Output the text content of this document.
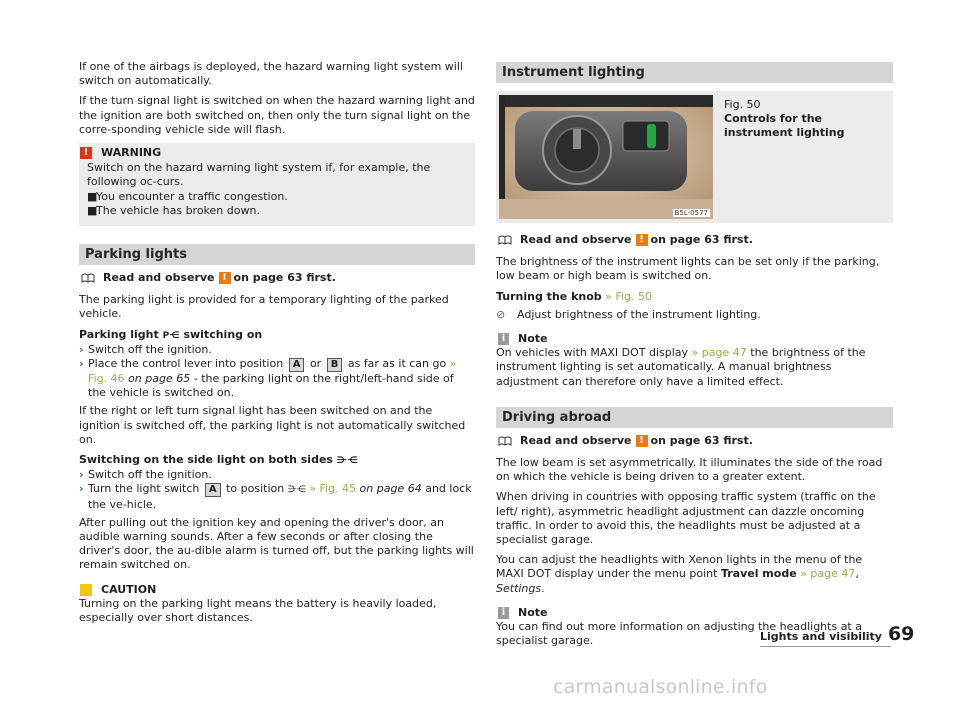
If one of the airbags is deployed, the hazard warning light system will switch on automatically.

If the turn signal light is switched on when the hazard warning light and the ignition are both switched on, then only the turn signal light on the corre-sponding vehicle side will flash.

!	WARNING
Switch on the hazard warning light system if, for example, the following oc-curs.
■
You encounter a traffic congestion.
■
The vehicle has broken down.
Parking lights
Read and observe ! on page 63 first.

The parking light is provided for a temporary lighting of the parked vehicle.

Parking light P⋲ switching on
› Switch off the ignition.
› Place the control lever into position A or B as far as it can go » Fig. 46 on page 65 - the parking light on the right/left-hand side of the vehicle is switched on.

If the right or left turn signal light has been switched on and the ignition is switched off, the parking light is not automatically switched on.

Switching on the side light on both sides ⋺⋲
› Switch off the ignition.
› Turn the light switch A to position ⋺⋲ » Fig. 45 on page 64 and lock the ve-hicle.

After pulling out the ignition key and opening the driver's door, an audible warning sounds. After a few seconds or after closing the driver's door, the au-dible alarm is turned off, but the parking lights will remain switched on.

CAUTION

Turning on the parking light means the battery is heavily loaded, especially over short distances.

Instrument lighting
B5L-0577
Fig. 50
Controls for the instrument lighting
Read and observe ! on page 63 first.

The brightness of the instrument lights can be set only if the parking, low beam or high beam is switched on.

Turning the knob » Fig. 50
⊘	Adjust brightness of the instrument lighting.
i	Note

On vehicles with MAXI DOT display » page 47 the brightness of the instrument lighting is set automatically. A manual brightness adjustment can therefore only have a limited effect.

Driving abroad
Read and observe ! on page 63 first.

The low beam is set asymmetrically. It illuminates the side of the road on which the vehicle is being driven to a greater extent.

When driving in countries with opposing traffic system (traffic on the left/ right), asymmetric headlight adjustment can dazzle oncoming traffic. In order to avoid this, the headlights must be adjusted at a specialist garage.

You can adjust the headlights with Xenon lights in the menu of the MAXI DOT display under the menu point Travel mode » page 47, Settings.

i	Note

You can find out more information on adjusting the headlights at a specialist garage.	Lights and visibility 69
carmanualsonline.info
